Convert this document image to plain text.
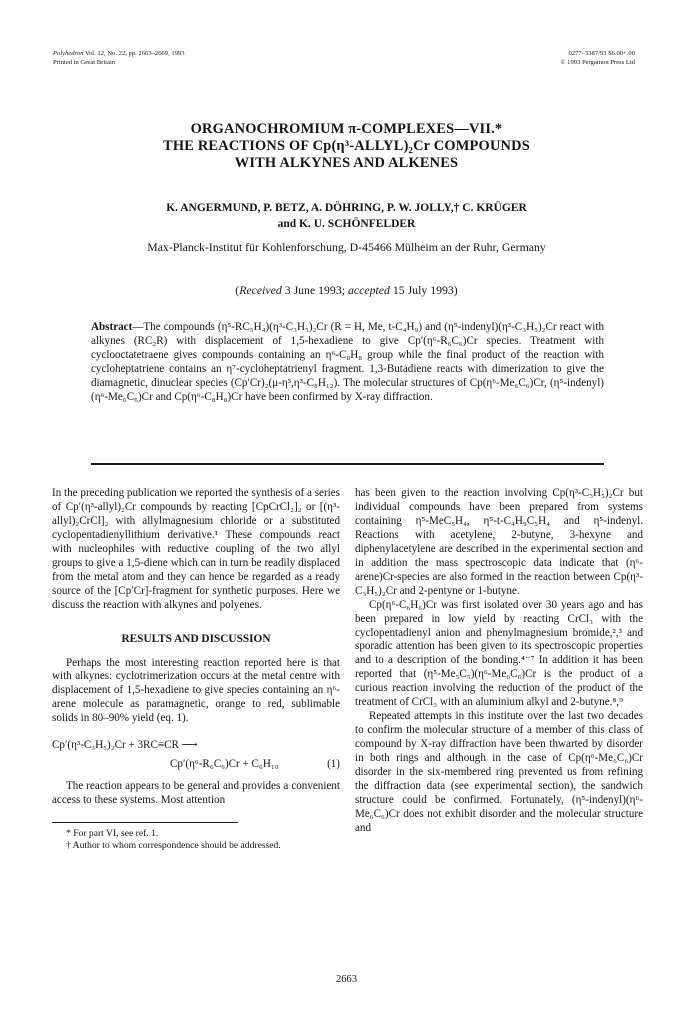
Polyhedron Vol. 12, No. 22, pp. 2663–2669, 1993
Printed in Great Britain
0277–5387/93 $6.00+.00
© 1993 Pergamon Press Ltd
ORGANOCHROMIUM π-COMPLEXES—VII.*
THE REACTIONS OF Cp(η³-ALLYL)₂Cr COMPOUNDS
WITH ALKYNES AND ALKENES
K. ANGERMUND, P. BETZ, A. DÖHRING, P. W. JOLLY,† C. KRÜGER
and K. U. SCHÖNFELDER
Max-Planck-Institut für Kohlenforschung, D-45466 Mülheim an der Ruhr, Germany
(Received 3 June 1993; accepted 15 July 1993)
Abstract—The compounds (η⁵-RC₅H₄)(η³-C₃H₅)₂Cr (R = H, Me, t-C₄H₉) and (η⁵-indenyl)(η³-C₃H₅)₂Cr react with alkynes (RC₂R) with displacement of 1,5-hexadiene to give Cp′(η⁶-R₆C₆)Cr species. Treatment with cyclooctatetraene gives compounds containing an η⁶-C₈H₈ group while the final product of the reaction with cycloheptatriene contains an η⁷-cycloheptatrienyl fragment. 1,3-Butadiene reacts with dimerization to give the diamagnetic, dinuclear species (Cp′Cr)₂(μ-η³,η³-C₈H₁₂). The molecular structures of Cp(η⁶-Me₆C₆)Cr, (η⁵-indenyl)(η⁶-Me₆C₆)Cr and Cp(η⁶-C₈H₈)Cr have been confirmed by X-ray diffraction.

In the preceding publication we reported the synthesis of a series of Cp′(η³-allyl)₂Cr compounds by reacting [CpCrCl₂]₂ or [(η³-allyl)₂CrCl]₂ with allylmagnesium chloride or a substituted cyclopentadienyllithium derivative.¹ These compounds react with nucleophiles with reductive coupling of the two allyl groups to give a 1,5-diene which can in turn be readily displaced from the metal atom and they can hence be regarded as a ready source of the [Cp′Cr]-fragment for synthetic purposes. Here we discuss the reaction with alkynes and polyenes.

RESULTS AND DISCUSSION

Perhaps the most interesting reaction reported here is that with alkynes: cyclotrimerization occurs at the metal centre with displacement of 1,5-hexadiene to give species containing an η⁶-arene molecule as paramagnetic, orange to red, sublimable solids in 80–90% yield (eq. 1).

Cp′(η³-C₃H₅)₂Cr + 3RC≡CR ⟶
Cp′(η⁶-R₆C₆)Cr + C₆H₁₀	(1)

The reaction appears to be general and provides a convenient access to these systems. Most attention

* For part VI, see ref. 1.
† Author to whom correspondence should be addressed.

has been given to the reaction involving Cp(η³-C₃H₅)₂Cr but individual compounds have been prepared from systems containing η⁵-MeC₅H₄, η⁵-t-C₄H₉C₅H₄ and η⁵-indenyl. Reactions with acetylene, 2-butyne, 3-hexyne and diphenylacetylene are described in the experimental section and in addition the mass spectroscopic data indicate that (η⁶-arene)Cr-species are also formed in the reaction between Cp(η³-C₃H₅)₂Cr and 2-pentyne or 1-butyne.

Cp(η⁶-C₆H₆)Cr was first isolated over 30 years ago and has been prepared in low yield by reacting CrCl₃ with the cyclopentadienyl anion and phenylmagnesium bromide,²,³ and sporadic attention has been given to its spectroscopic properties and to a description of the bonding.⁴⁻⁷ In addition it has been reported that (η⁵-Me₅C₅)(η⁶-Me₆C₆)Cr is the product of a curious reaction involving the reduction of the product of the treatment of CrCl₃ with an aluminium alkyl and 2-butyne.⁸,⁹

Repeated attempts in this institute over the last two decades to confirm the molecular structure of a member of this class of compound by X-ray diffraction have been thwarted by disorder in both rings and although in the case of Cp(η⁶-Me₆C₆)Cr disorder in the six-membered ring prevented us from refining the diffraction data (see experimental section), the sandwich structure could be confirmed. Fortunately, (η⁵-indenyl)(η⁶-Me₆C₆)Cr does not exhibit disorder and the molecular structure and

2663
